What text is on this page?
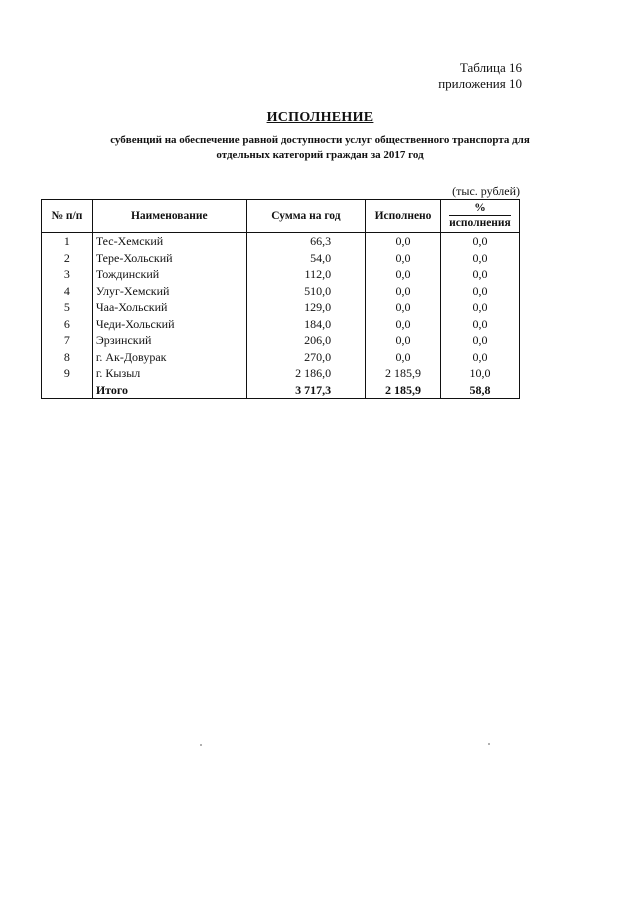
Таблица 16
приложения 10
ИСПОЛНЕНИЕ
субвенций на обеспечение равной доступности услуг общественного транспорта для
отдельных категорий граждан за 2017 год
(тыс. рублей)
№ п/п	Наименование	Сумма на год	Исполнено	%
исполнения

1	Тес-Хемский	66,3	0,0	0,0
2	Тере-Хольский	54,0	0,0	0,0
3	Тождинский	112,0	0,0	0,0
4	Улуг-Хемский	510,0	0,0	0,0
5	Чаа-Хольский	129,0	0,0	0,0
6	Чеди-Хольский	184,0	0,0	0,0
7	Эрзинский	206,0	0,0	0,0
8	г. Ак-Довурак	270,0	0,0	0,0
9	г. Кызыл	2 186,0	2 185,9	10,0
	Итого	3 717,3	2 185,9	58,8
